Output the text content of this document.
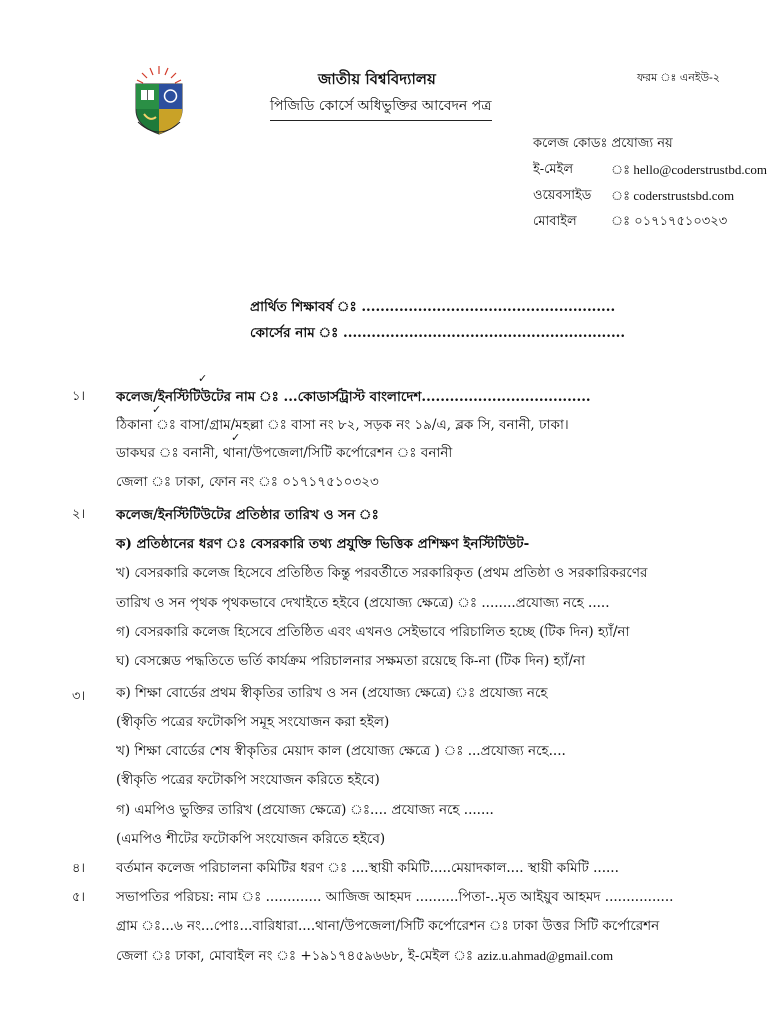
জাতীয় বিশ্ববিদ্যালয়
পিজিডি কোর্সে অধিভুক্তির আবেদন পত্র
ফরম ঃ এনইউ-২
কলেজ কোডঃ প্রযোজ্য নয়
ই-মেইল	ঃ hello@coderstrustbd.com
ওয়েবসাইড ঃ coderstrustsbd.com
মোবাইল	ঃ ০১৭১৭৫১০৩২৩
প্রার্থিত শিক্ষাবর্ষ ঃ ......................................................
কোর্সের নাম ঃ ............................................................
১।
✓
কলেজ/ইনস্টিটিউটের নাম ঃ ...কোডার্সট্রাস্ট বাংলাদেশ....................................
✓
ঠিকানা ঃ বাসা/গ্রাম/মহল্লা ঃ বাসা নং ৮২, সড়ক নং ১৯/এ, ব্লক সি, বনানী, ঢাকা।
✓
ডাকঘর ঃ বনানী, থানা/উপজেলা/সিটি কর্পোরেশন ঃ বনানী
জেলা ঃ ঢাকা, ফোন নং ঃ ০১৭১৭৫১০৩২৩
২। কলেজ/ইনস্টিটিউটের প্রতিষ্ঠার তারিখ ও সন ঃ
ক) প্রতিষ্ঠানের ধরণ ঃ বেসরকারি তথ্য প্রযুক্তি ভিত্তিক প্রশিক্ষণ ইনস্টিটিউট-
খ) বেসরকারি কলেজ হিসেবে প্রতিষ্ঠিত কিন্তু পরবর্তীতে সরকারিকৃত (প্রথম প্রতিষ্ঠা ও সরকারিকরণের
তারিখ ও সন পৃথক পৃথকভাবে দেখাইতে হইবে (প্রযোজ্য ক্ষেত্রে) ঃ ........প্রযোজ্য নহে .....
গ) বেসরকারি কলেজ হিসেবে প্রতিষ্ঠিত এবং এখনও সেইভাবে পরিচালিত হচ্ছে (টিক দিন) হ্যাঁ/না
ঘ) বেসক্সেড পদ্ধতিতে ভর্তি কার্যক্রম পরিচালনার সক্ষমতা রয়েছে কি-না (টিক দিন) হ্যাঁ/না
৩। ক) শিক্ষা বোর্ডের প্রথম স্বীকৃতির তারিখ ও সন (প্রযোজ্য ক্ষেত্রে) ঃ প্রযোজ্য নহে
(স্বীকৃতি পত্রের ফটোকপি সমূহ সংযোজন করা হইল)
খ) শিক্ষা বোর্ডের শেষ স্বীকৃতির মেয়াদ কাল (প্রযোজ্য ক্ষেত্রে ) ঃ ...প্রযোজ্য নহে....
(স্বীকৃতি পত্রের ফটোকপি সংযোজন করিতে হইবে)
গ) এমপিও ভুক্তির তারিখ (প্রযোজ্য ক্ষেত্রে) ঃ.... প্রযোজ্য নহে .......
(এমপিও শীটের ফটোকপি সংযোজন করিতে হইবে)
৪। বর্তমান কলেজ পরিচালনা কমিটির ধরণ ঃ ....স্থায়ী কমিটি.....মেয়াদকাল.... স্থায়ী কমিটি ......
৫। সভাপতির পরিচয়: নাম ঃ ............. আজিজ আহমদ ..........পিতা-..মৃত আইয়ুব আহমদ ................
গ্রাম ঃ...৬ নং...পোঃ...বারিধারা....থানা/উপজেলা/সিটি কর্পোরেশন ঃ ঢাকা উত্তর সিটি কর্পোরেশন
জেলা ঃ ঢাকা, মোবাইল নং ঃ +১৯১৭৪৫৯৬৬৮, ই-মেইল ঃ aziz.u.ahmad@gmail.com
